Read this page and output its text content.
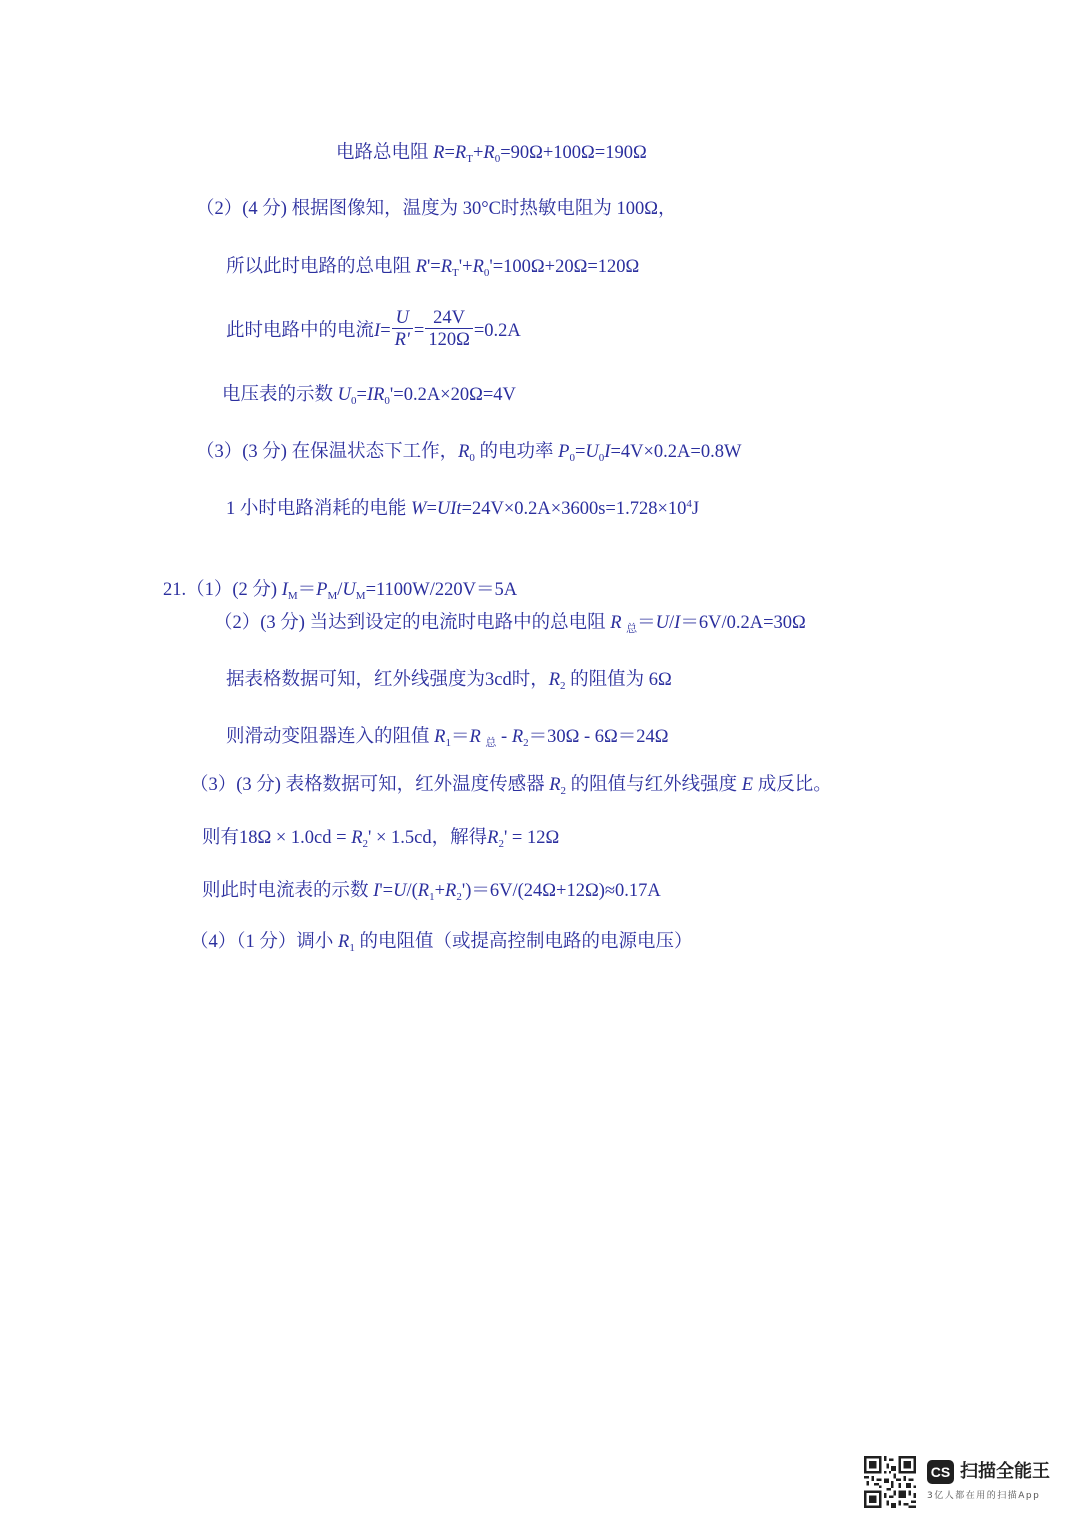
电路总电阻 $R=R_T+R_0=90\Omega+100\Omega=190\Omega$
（2）(4 分) 根据图像知，温度为 30°C时热敏电阻为 100Ω，
所以此时电路的总电阻 $R'=R_T'+R_0'=100\Omega+20\Omega=120\Omega$
此时电路中的电流$I= \frac{U}{R'} = \frac{24V}{120\Omega} =0.2A$
电压表的示数 $U_0=IR_0'=0.2A\times 20\Omega=4V$
（3）(3 分) 在保温状态下工作，$R_0$ 的电功率 $P_0=U_0I=4V\times 0.2A=0.8W$
1 小时电路消耗的电能 $W=UIt=24V\times 0.2A\times 3600s=1.728\times 10^4J$
21.（1）(2 分) $I_M=P_M/U_M=1100W/220V=5A$
（2）(3 分) 当达到设定的电流时电路中的总电阻 R $_总$＝U/I＝6V/0.2A=30Ω
据表格数据可知，红外线强度为3cd时，$R_2$ 的阻值为 6Ω
则滑动变阻器连入的阻值 $R_1=R$ $_总 - R_2=30\Omega - 6\Omega=24\Omega$
（3）(3 分) 表格数据可知，红外温度传感器 $R_2$ 的阻值与红外线强度 E 成反比。
则有$18\Omega \times 1.0cd = R_2' \times 1.5cd$，解得$R_2' = 12\Omega$
则此时电流表的示数 $I'=U/(R_1+R_2')=6V/(24\Omega+12\Omega)\approx 0.17A$
（4）（1 分）调小 $R_1$ 的电阻值（或提高控制电路的电源电压）
CS 扫描全能王
3亿人都在用的扫描App
